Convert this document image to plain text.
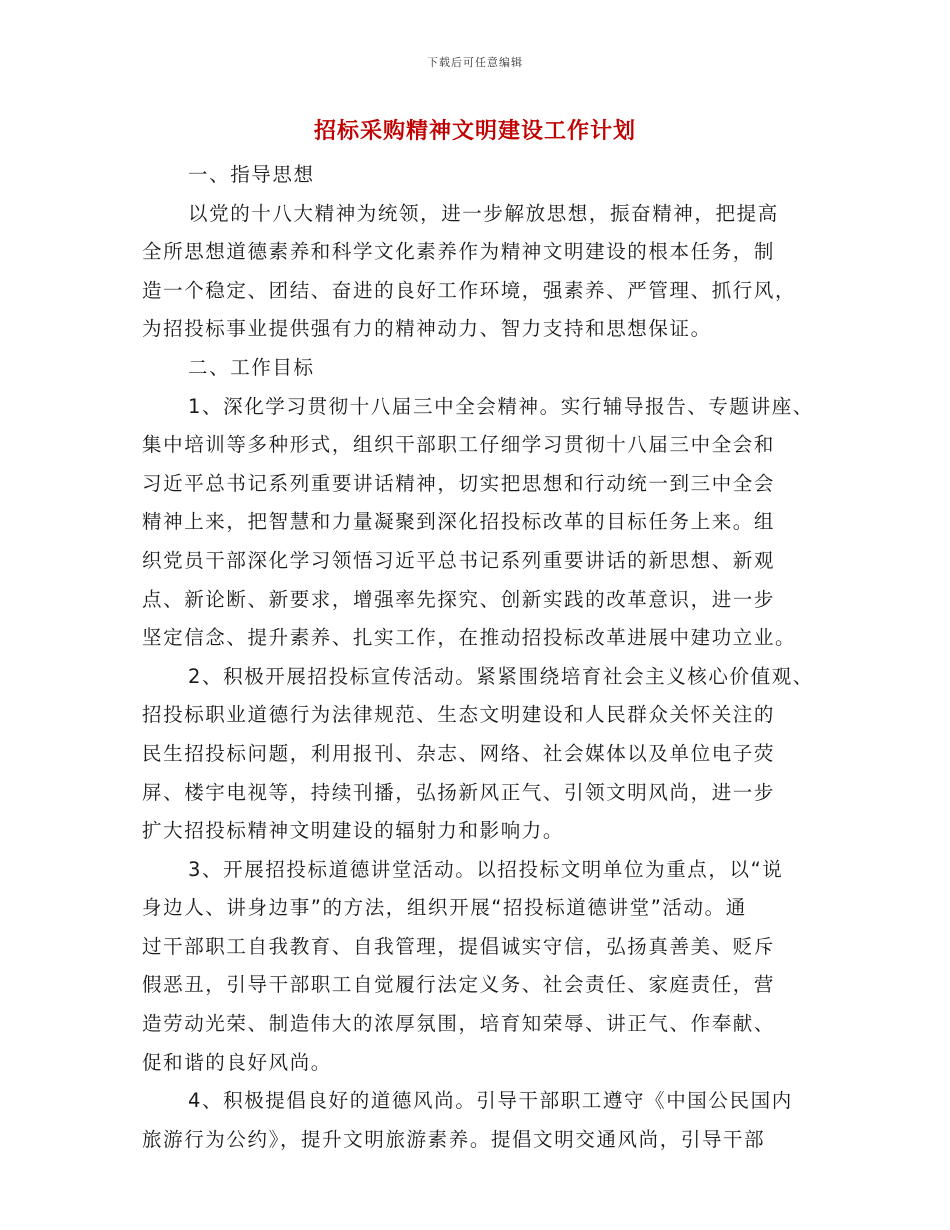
下载后可任意编辑
招标采购精神文明建设工作计划
一、指导思想
以党的十八大精神为统领，进一步解放思想，振奋精神，把提高
全所思想道德素养和科学文化素养作为精神文明建设的根本任务，制
造一个稳定、团结、奋进的良好工作环境，强素养、严管理、抓行风，
为招投标事业提供强有力的精神动力、智力支持和思想保证。
二、工作目标
1、深化学习贯彻十八届三中全会精神。实行辅导报告、专题讲座、
集中培训等多种形式，组织干部职工仔细学习贯彻十八届三中全会和
习近平总书记系列重要讲话精神，切实把思想和行动统一到三中全会
精神上来，把智慧和力量凝聚到深化招投标改革的目标任务上来。组
织党员干部深化学习领悟习近平总书记系列重要讲话的新思想、新观
点、新论断、新要求，增强率先探究、创新实践的改革意识，进一步
坚定信念、提升素养、扎实工作，在推动招投标改革进展中建功立业。
2、积极开展招投标宣传活动。紧紧围绕培育社会主义核心价值观、
招投标职业道德行为法律规范、生态文明建设和人民群众关怀关注的
民生招投标问题，利用报刊、杂志、网络、社会媒体以及单位电子荧
屏、楼宇电视等，持续刊播，弘扬新风正气、引领文明风尚，进一步
扩大招投标精神文明建设的辐射力和影响力。
3、开展招投标道德讲堂活动。以招投标文明单位为重点，以“说
身边人、讲身边事”的方法，组织开展“招投标道德讲堂”活动。通
过干部职工自我教育、自我管理，提倡诚实守信，弘扬真善美、贬斥
假恶丑，引导干部职工自觉履行法定义务、社会责任、家庭责任，营
造劳动光荣、制造伟大的浓厚氛围，培育知荣辱、讲正气、作奉献、
促和谐的良好风尚。
4、积极提倡良好的道德风尚。引导干部职工遵守《中国公民国内
旅游行为公约》，提升文明旅游素养。提倡文明交通风尚，引导干部
